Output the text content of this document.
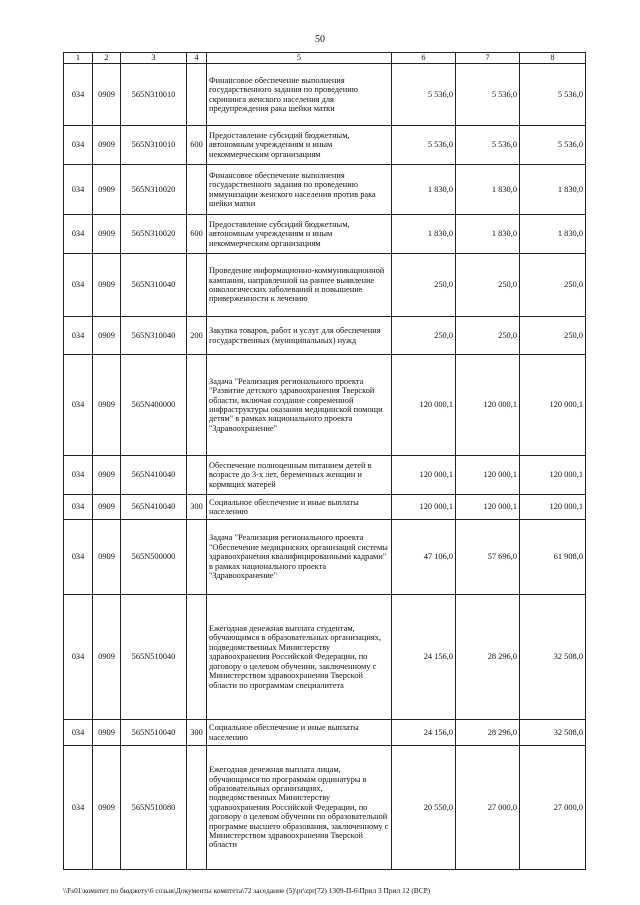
50
1	2	3	4	5	6	7	8
034	0909	565N310010		Финансовое обеспечение выполнения государственного задания по проведению скрининга женского населения для предупреждения рака шейки матки	5 536,0	5 536,0	5 536,0
034	0909	565N310010	600	Предоставление субсидий бюджетным, автономным учреждениям и иным некоммерческим организациям	5 536,0	5 536,0	5 536,0
034	0909	565N310020		Финансовое обеспечение выполнения государственного задания по проведению иммунизации женского населения против рака шейки матки	1 830,0	1 830,0	1 830,0
034	0909	565N310020	600	Предоставление субсидий бюджетным, автономным учреждениям и иным некоммерческим организациям	1 830,0	1 830,0	1 830,0
034	0909	565N310040		Проведение информационно-коммуникационной кампании, направленной на раннее выявление онкологических заболеваний и повышение приверженности к лечению	250,0	250,0	250,0
034	0909	565N310040	200	Закупка товаров, работ и услуг для обеспечения государственных (муниципальных) нужд	250,0	250,0	250,0
034	0909	565N400000		Задача "Реализация регионального проекта "Развитие детского здравоохранения Тверской области, включая создание современной инфраструктуры оказания медицинской помощи детям" в рамках национального проекта "Здравоохранение"	120 000,1	120 000,1	120 000,1
034	0909	565N410040		Обеспечение полноценным питанием детей в возрасте до 3-х лет, беременных женщин и кормящих матерей	120 000,1	120 000,1	120 000,1
034	0909	565N410040	300	Социальное обеспечение и иные выплаты населению	120 000,1	120 000,1	120 000,1
034	0909	565N500000		Задача "Реализация регионального проекта "Обеспечение медицинских организаций системы здравоохранения квалифицированными кадрами" в рамках национального проекта "Здравоохранение"	47 106,0	57 696,0	61 908,0
034	0909	565N510040		Ежегодная денежная выплата студентам, обучающимся в образовательных организациях, подведомственных Министерству здравоохранения Российской Федерации, по договору о целевом обучении, заключенному с Министерством здравоохранения Тверской области по программам специалитета	24 156,0	28 296,0	32 508,0
034	0909	565N510040	300	Социальное обеспечение и иные выплаты населению	24 156,0	28 296,0	32 508,0
034	0909	565N510080		Ежегодная денежная выплата лицам, обучающимся по программам ординатуры в образовательных организациях, подведомственных Министерству здравоохранения Российской Федерации, по договору о целевом обучении по образовательной программе высшего образования, заключенному с Министерством здравоохранения Тверской области	20 550,0	27 000,0	27 000,0
\\Fs01\комитет по бюджету\6 созыв\Документы комитета\72 заседание (5)\pr\zpr(72) 1309-П-6\Прил 3 Прил 12 (ВСР)
